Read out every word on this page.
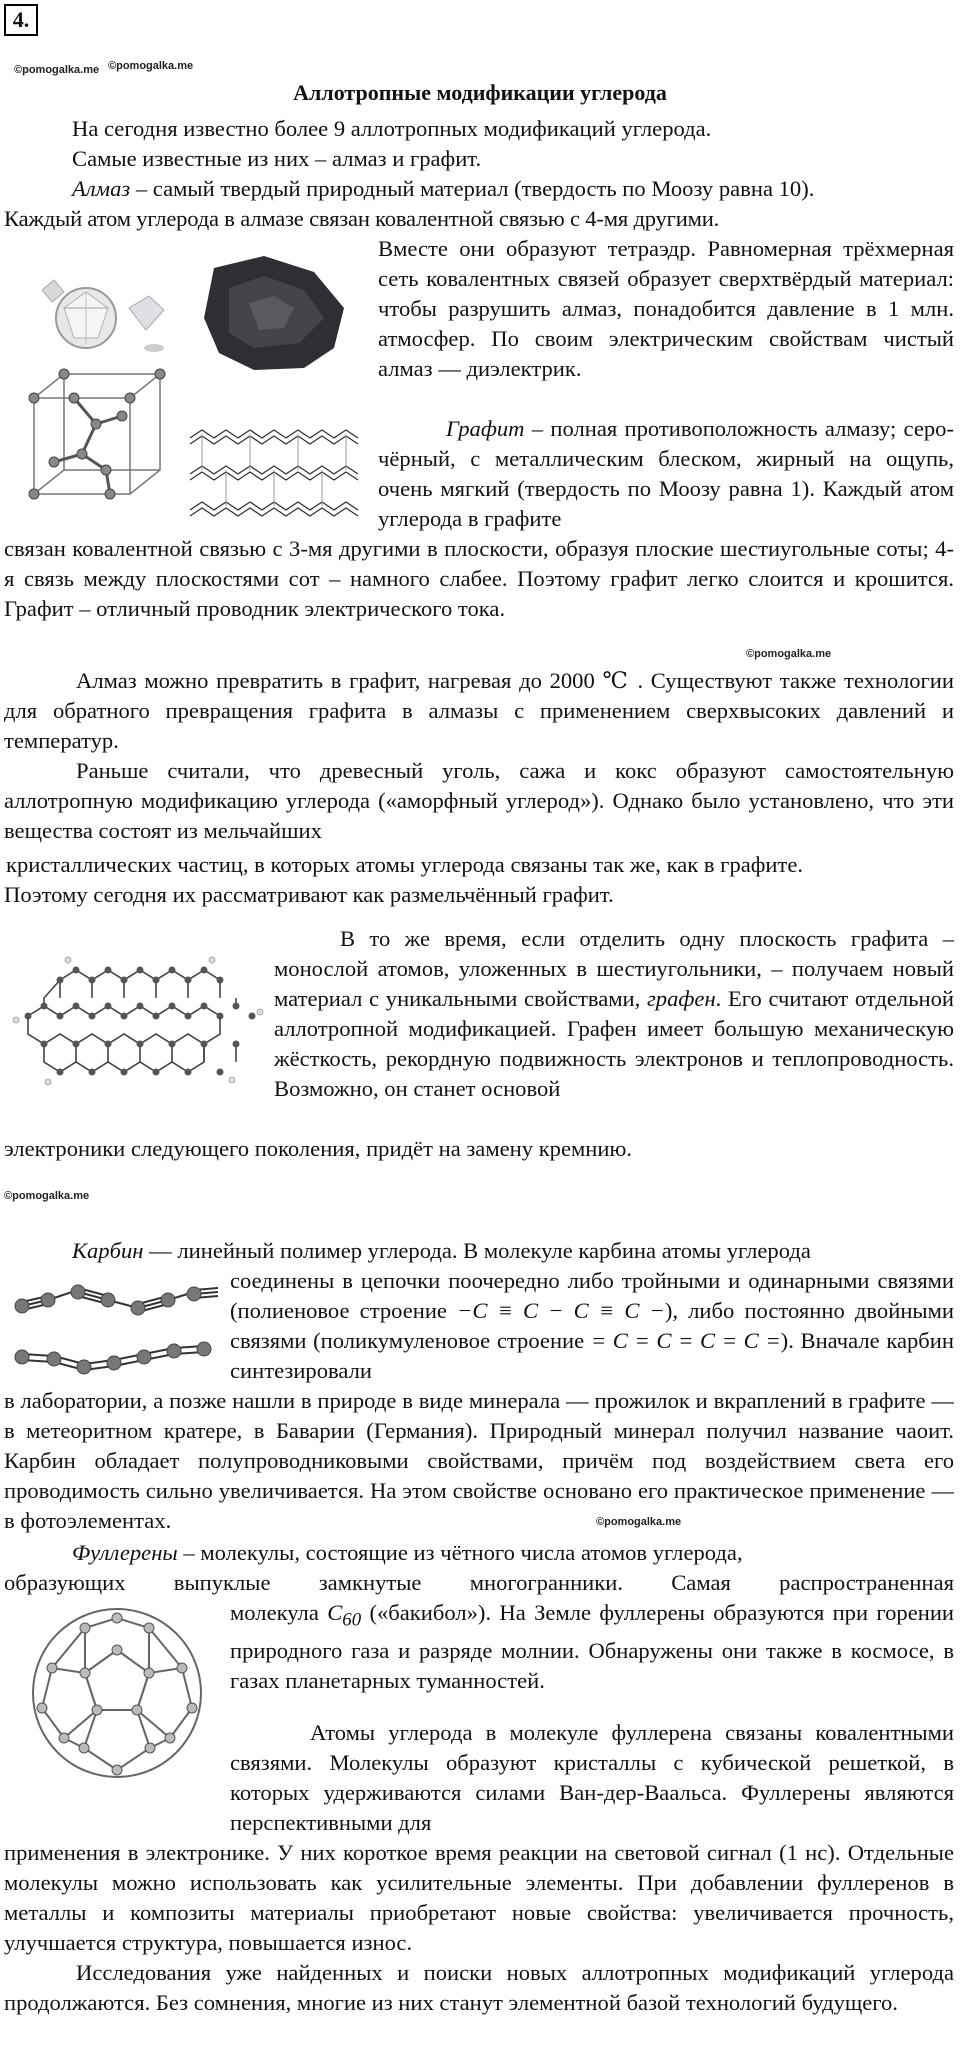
4.
©pomogalka.me ©pomogalka.me
©pomogalka.me
©pomogalka.me
©pomogalka.me
Аллотропные модификации углерода
На сегодня известно более 9 аллотропных модификаций углерода.
Самые известные из них – алмаз и графит.
Алмаз – самый твердый природный материал (твердость по Моозу равна 10).
Каждый атом углерода в алмазе связан ковалентной связью с 4-мя другими.
Вместе они образуют тетраэдр. Равномерная трёхмерная сеть ковалентных связей образует сверхтвёрдый материал: чтобы разрушить алмаз, понадобится давление в 1 млн. атмосфер. По своим электрическим свойствам чистый алмаз — диэлектрик.
Графит – полная противоположность алмазу; серо-чёрный, с металлическим блеском, жирный на ощупь, очень мягкий (твердость по Моозу равна 1). Каждый атом углерода в графите
связан ковалентной связью с 3-мя другими в плоскости, образуя плоские шестиугольные соты; 4-я связь между плоскостями сот – намного слабее. Поэтому графит легко слоится и крошится. Графит – отличный проводник электрического тока.
Алмаз можно превратить в графит, нагревая до 2000 ℃ . Существуют также технологии для обратного превращения графита в алмазы с применением сверхвысоких давлений и температур.
Раньше считали, что древесный уголь, сажа и кокс образуют самостоятельную аллотропную модификацию углерода («аморфный углерод»). Однако было установлено, что эти вещества состоят из мельчайших
кристаллических частиц, в которых атомы углерода связаны так же, как в графите.
Поэтому сегодня их рассматривают как размельчённый графит.
В то же время, если отделить одну плоскость графита – монослой атомов, уложенных в шестиугольники, – получаем новый материал с уникальными свойствами, графен. Его считают отдельной аллотропной модификацией. Графен имеет большую механическую жёсткость, рекордную подвижность электронов и теплопроводность. Возможно, он станет основой
электроники следующего поколения, придёт на замену кремнию.
Карбин — линейный полимер углерода. В молекуле карбина атомы углерода
соединены в цепочки поочередно либо тройными и одинарными связями (полиеновое строение −C ≡ C − C ≡ C −), либо постоянно двойными связями (поликумуленовое строение = C = C = C = C =). Вначале карбин синтезировали
в лаборатории, а позже нашли в природе в виде минерала — прожилок и вкраплений в графите — в метеоритном кратере, в Баварии (Германия). Природный минерал получил название чаоит. Карбин обладает полупроводниковыми свойствами, причём под воздействием света его проводимость сильно увеличивается. На этом свойстве основано его практическое применение — в фотоэлементах.
Фуллерены – молекулы, состоящие из чётного числа атомов углерода,
образующих выпуклые замкнутые многогранники. Самая распространенная
молекула $C_{60}$ («бакибол»). На Земле фуллерены образуются при горении природного газа и разряде молнии. Обнаружены они также в космосе, в газах планетарных туманностей.
Атомы углерода в молекуле фуллерена связаны ковалентными связями. Молекулы образуют кристаллы с кубической решеткой, в которых удерживаются силами Ван-дер-Ваальса. Фуллерены являются перспективными для
применения в электронике. У них короткое время реакции на световой сигнал (1 нс). Отдельные молекулы можно использовать как усилительные элементы. При добавлении фуллеренов в металлы и композиты материалы приобретают новые свойства: увеличивается прочность, улучшается структура, повышается износ.
Исследования уже найденных и поиски новых аллотропных модификаций углерода продолжаются. Без сомнения, многие из них станут элементной базой технологий будущего.
